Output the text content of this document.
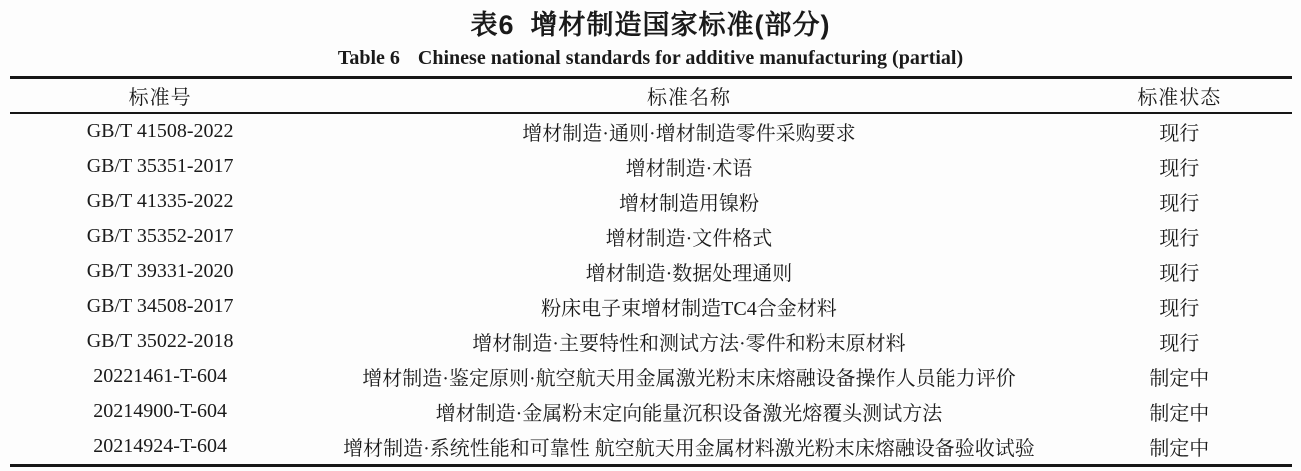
表6 增材制造国家标准(部分)
Table 6 Chinese national standards for additive manufacturing (partial)
标准号	标准名称	标准状态
GB/T 41508-2022	增材制造·通则·增材制造零件采购要求	现行
GB/T 35351-2017	增材制造·术语	现行
GB/T 41335-2022	增材制造用镍粉	现行
GB/T 35352-2017	增材制造·文件格式	现行
GB/T 39331-2020	增材制造·数据处理通则	现行
GB/T 34508-2017	粉床电子束增材制造TC4合金材料	现行
GB/T 35022-2018	增材制造·主要特性和测试方法·零件和粉末原材料	现行
20221461-T-604	增材制造·鉴定原则·航空航天用金属激光粉末床熔融设备操作人员能力评价	制定中
20214900-T-604	增材制造·金属粉末定向能量沉积设备激光熔覆头测试方法	制定中
20214924-T-604	增材制造·系统性能和可靠性 航空航天用金属材料激光粉末床熔融设备验收试验	制定中
